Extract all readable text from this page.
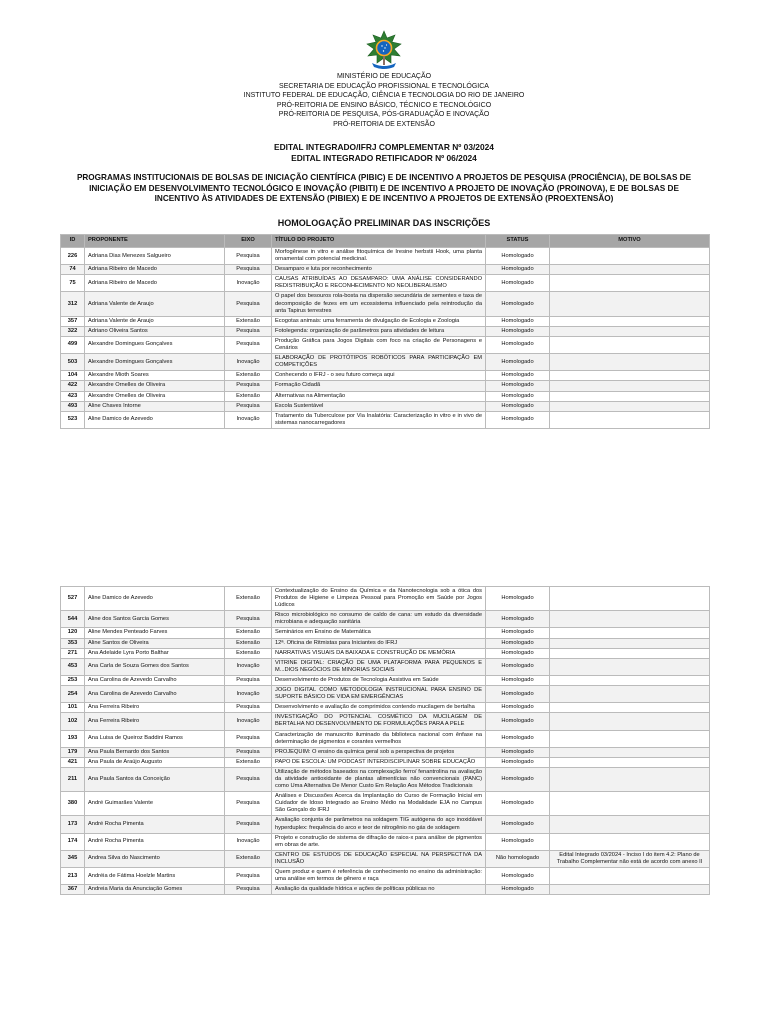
MINISTÉRIO DE EDUCAÇÃO
SECRETARIA DE EDUCAÇÃO PROFISSIONAL E TECNOLÓGICA
INSTITUTO FEDERAL DE EDUCAÇÃO, CIÊNCIA E TECNOLOGIA DO RIO DE JANEIRO
PRÓ-REITORIA DE ENSINO BÁSICO, TÉCNICO E TECNOLÓGICO
PRÓ-REITORIA DE PESQUISA, PÓS-GRADUAÇÃO E INOVAÇÃO
PRÓ-REITORIA DE EXTENSÃO
EDITAL INTEGRADO/IFRJ COMPLEMENTAR Nº 03/2024
EDITAL INTEGRADO RETIFICADOR Nº 06/2024
PROGRAMAS INSTITUCIONAIS DE BOLSAS DE INICIAÇÃO CIENTÍFICA (PIBIC) E DE INCENTIVO A PROJETOS DE PESQUISA (PROCIÊNCIA), DE BOLSAS DE INICIAÇÃO EM DESENVOLVIMENTO TECNOLÓGICO E INOVAÇÃO (PIBITI) E DE INCENTIVO A PROJETO DE INOVAÇÃO (PROINOVA), E DE BOLSAS DE INCENTIVO ÀS ATIVIDADES DE EXTENSÃO (PIBIEX) E DE INCENTIVO A PROJETOS DE EXTENSÃO (PROEXTENSÃO)
HOMOLOGAÇÃO PRELIMINAR DAS INSCRIÇÕES
ID	PROPONENTE	EIXO	TÍTULO DO PROJETO	STATUS	MOTIVO
226	Adriana Dias Menezes Salgueiro	Pesquisa	Morfogênese in vitro e análise fitoquímica de Iresine herbstii Hook, uma planta ornamental com potencial medicinal.	Homologado	
74	Adriana Ribeiro de Macedo	Pesquisa	Desamparo e luta por reconhecimento	Homologado	
75	Adriana Ribeiro de Macedo	Inovação	CAUSAS ATRIBUÍDAS AO DESAMPARO: UMA ANÁLISE CONSIDERANDO REDISTRIBUIÇÃO E RECONHECIMENTO NO NEOLIBERALISMO	Homologado	
312	Adriana Valente de Araujo	Pesquisa	O papel dos besouros rola-bosta na dispersão secundária de sementes e taxa de decomposição de fezes em um ecossistema influenciado pela reintrodução da anta Tapirus terrestres	Homologado	
357	Adriana Valente de Araujo	Extensão	Ecogotas animais: uma ferramenta de divulgação de Ecologia e Zoologia	Homologado	
322	Adriano Oliveira Santos	Pesquisa	Fotolegenda: organização de parâmetros para atividades de leitura	Homologado	
499	Alexandre Domingues Gonçalves	Pesquisa	Produção Gráfica para Jogos Digitais com foco na criação de Personagens e Cenários	Homologado	
503	Alexandre Domingues Gonçalves	Inovação	ELABORAÇÃO DE PROTÓTIPOS ROBÓTICOS PARA PARTICIPAÇÃO EM COMPETIÇÕES	Homologado	
104	Alexandre Mioth Soares	Extensão	Conhecendo o IFRJ - o seu futuro começa aqui	Homologado	
422	Alexandre Ornelles de Oliveira	Pesquisa	Formação Cidadã	Homologado	
423	Alexandre Ornelles de Oliveira	Extensão	Alternativas na Alimentação	Homologado	
493	Aline Chaves Intorne	Pesquisa	Escola Sustentável	Homologado	
523	Aline Damico de Azevedo	Inovação	Tratamento da Tuberculose por Via Inalatória: Caracterização in vitro e in vivo de sistemas nanocarregadores	Homologado	
527	Aline Damico de Azevedo	Extensão	Contextualização do Ensino da Química e da Nanotecnologia sob a ótica dos Produtos de Higiene e Limpeza Pessoal para Promoção em Saúde por Jogos Lúdicos	Homologado	
544	Aline dos Santos Garcia Gomes	Pesquisa	Risco microbiológico no consumo de caldo de cana: um estudo da diversidade microbiana e adequação sanitária	Homologado	
120	Aline Mendes Penteado Farves	Extensão	Seminários em Ensino de Matemática	Homologado	
353	Aline Santos de Oliveira	Extensão	12ª. Oficina de Ritmistas para Iniciantes do IFRJ	Homologado	
271	Ana Adelaide Lyra Porto Balthar	Extensão	NARRATIVAS VISUAIS DA BAIXADA E CONSTRUÇÃO DE MEMÓRIA	Homologado	
453	Ana Carla de Souza Gomes dos Santos	Inovação	VITRINE DIGITAL: CRIAÇÃO DE UMA PLATAFORMA PARA PEQUENOS E M...DIOS NEGÓCIOS DE MINORIAS SOCIAIS	Homologado	
253	Ana Carolina de Azevedo Carvalho	Pesquisa	Desenvolvimento de Produtos de Tecnologia Assistiva em Saúde	Homologado	
254	Ana Carolina de Azevedo Carvalho	Inovação	JOGO DIGITAL COMO METODOLOGIA INSTRUCIONAL PARA ENSINO DE SUPORTE BÁSICO DE VIDA EM EMERGÊNCIAS	Homologado	
101	Ana Ferreira Ribeiro	Pesquisa	Desenvolvimento e avaliação de comprimidos contendo mucilagem de bertalha	Homologado	
102	Ana Ferreira Ribeiro	Inovação	INVESTIGAÇÃO DO POTENCIAL COSMÉTICO DA MUCILAGEM DE BERTALHA NO DESENVOLVIMENTO DE FORMULAÇÕES PARA A PELE	Homologado	
193	Ana Luisa de Queiroz Baddini Ramos	Pesquisa	Caracterização de manuscrito iluminado da biblioteca nacional com ênfase na determinação de pigmentos e corantes vermelhos	Homologado	
179	Ana Paula Bernardo dos Santos	Pesquisa	PROJEQUIM: O ensino da química geral sob a perspectiva de projetos	Homologado	
421	Ana Paula de Araújo Augusto	Extensão	PAPO DE ESCOLA: UM PODCAST INTERDISCIPLINAR SOBRE EDUCAÇÃO	Homologado	
211	Ana Paula Santos da Conceição	Pesquisa	Utilização de métodos baseados na complexação ferro/ fenantrolina na avaliação da atividade antioxidante de plantas alimentícias não convencionais (PANC) como Uma Alternativa De Menor Custo Em Relação Aos Métodos Tradicionais	Homologado	
380	André Guimarães Valente	Pesquisa	Análises e Discussões Acerca da Implantação do Curso de Formação Inicial em Cuidador de Idoso Integrado ao Ensino Médio na Modalidade EJA no Campus São Gonçalo do IFRJ	Homologado	
173	André Rocha Pimenta	Pesquisa	Avaliação conjunta de parâmetros na soldagem TIG autógena do aço inoxidável hyperduplex: frequência do arco e teor de nitrogênio no gás de soldagem	Homologado	
174	André Rocha Pimenta	Inovação	Projeto e construção de sistema de difração de raios-x para análise de pigmentos em obras de arte.	Homologado	
345	Andrea Silva do Nascimento	Extensão	CENTRO DE ESTUDOS DE EDUCAÇÃO ESPECIAL NA PERSPECTIVA DA INCLUSÃO	Não homologado	Edital Integrado 03/2024 - Inciso I do item 4.2: Plano de Trabalho Complementar não está de acordo com anexo II
213	Andréia de Fátima Hoelzle Martins	Pesquisa	Quem produz e quem é referência de conhecimento no ensino da administração: uma análise em termos de gênero e raça	Homologado	
367	Andreia Maria da Anunciação Gomes	Pesquisa	Avaliação da qualidade hídrica e ações de políticas públicas no	Homologado	
